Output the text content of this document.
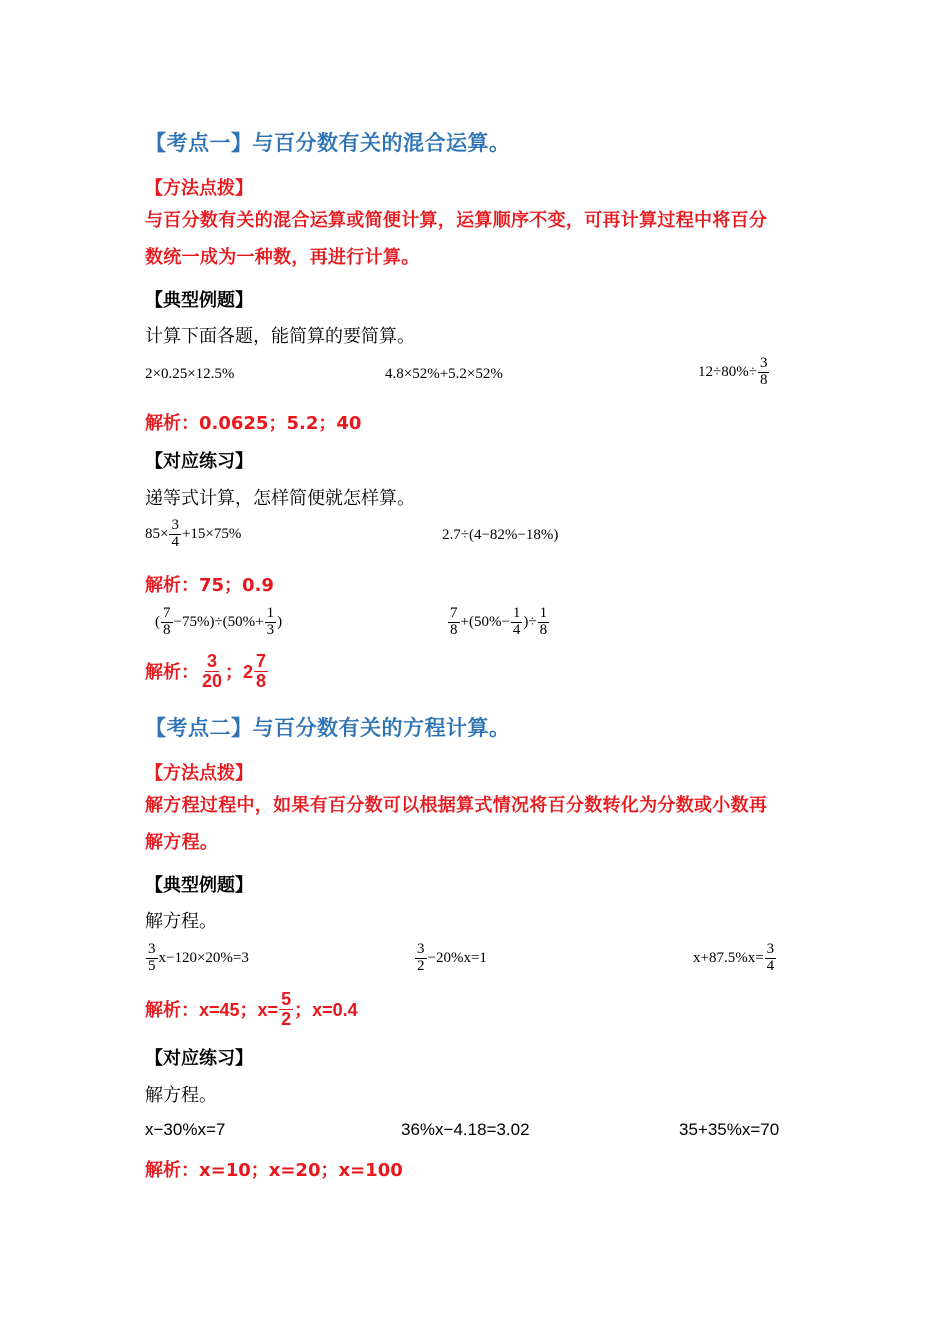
【考点一】与百分数有关的混合运算。
【方法点拨】
与百分数有关的混合运算或简便计算，运算顺序不变，可再计算过程中将百分
数统一成为一种数，再进行计算。
【典型例题】
计算下面各题，能简算的要简算。
2×0.25×12.5%	4.8×52%+5.2×52%	$12\div 80\%\div \frac{3}{8}$
解析：0.0625；5.2；40
【对应练习】
递等式计算，怎样简便就怎样算。
$85\times \frac{3}{4} +15\times 75\%$	2.7÷(4−82%−18%)
解析：75；0.9
( $\frac{7}{8} -75\%)\div(50\%+ \frac{1}{3}$ )	$\frac{7}{8} +(50\%- \frac{1}{4}$ )÷ $\frac{1}{8}$
解析： $\frac{3}{20}$ ；$2 \frac{7}{8}$
【考点二】与百分数有关的方程计算。
【方法点拨】
解方程过程中，如果有百分数可以根据算式情况将百分数转化为分数或小数再
解方程。
【典型例题】
解方程。
$\frac{3}{5} x-120\times 20\%=3$	$\frac{3}{2} -20\%x=1$	$x+87.5\%x= \frac{3}{4}$
解析：x=45；$x= \frac{5}{2}$ ；x=0.4
【对应练习】
解方程。
x−30%x=7	36%x−4.18=3.02	35+35%x=70
解析：x=10；x=20；x=100
